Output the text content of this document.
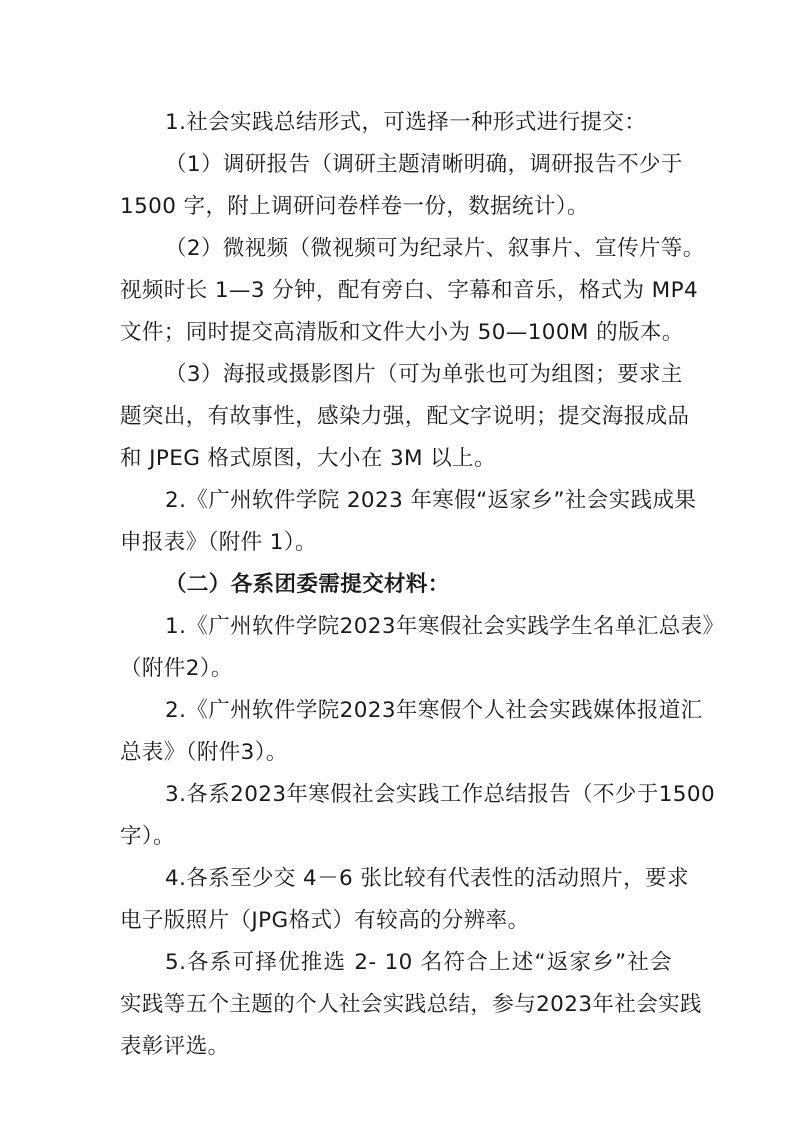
1.社会实践总结形式，可选择一种形式进行提交：
（1）调研报告（调研主题清晰明确，调研报告不少于
1500 字，附上调研问卷样卷一份，数据统计）。
（2）微视频（微视频可为纪录片、叙事片、宣传片等。
视频时长 1—3 分钟，配有旁白、字幕和音乐，格式为 MP4
文件；同时提交高清版和文件大小为 50—100M 的版本。
（3）海报或摄影图片（可为单张也可为组图；要求主
题突出，有故事性，感染力强，配文字说明；提交海报成品
和 JPEG 格式原图，大小在 3M 以上。
2.《广州软件学院 2023 年寒假“返家乡”社会实践成果
申报表》（附件 1）。
（二）各系团委需提交材料：
1.《广州软件学院2023年寒假社会实践学生名单汇总表》
（附件2）。
2.《广州软件学院2023年寒假个人社会实践媒体报道汇
总表》（附件3）。
3.各系2023年寒假社会实践工作总结报告（不少于1500
字）。
4.各系至少交 4－6 张比较有代表性的活动照片，要求
电子版照片（JPG格式）有较高的分辨率。
5.各系可择优推选 2- 10 名符合上述“返家乡”社会
实践等五个主题的个人社会实践总结，参与2023年社会实践
表彰评选。
